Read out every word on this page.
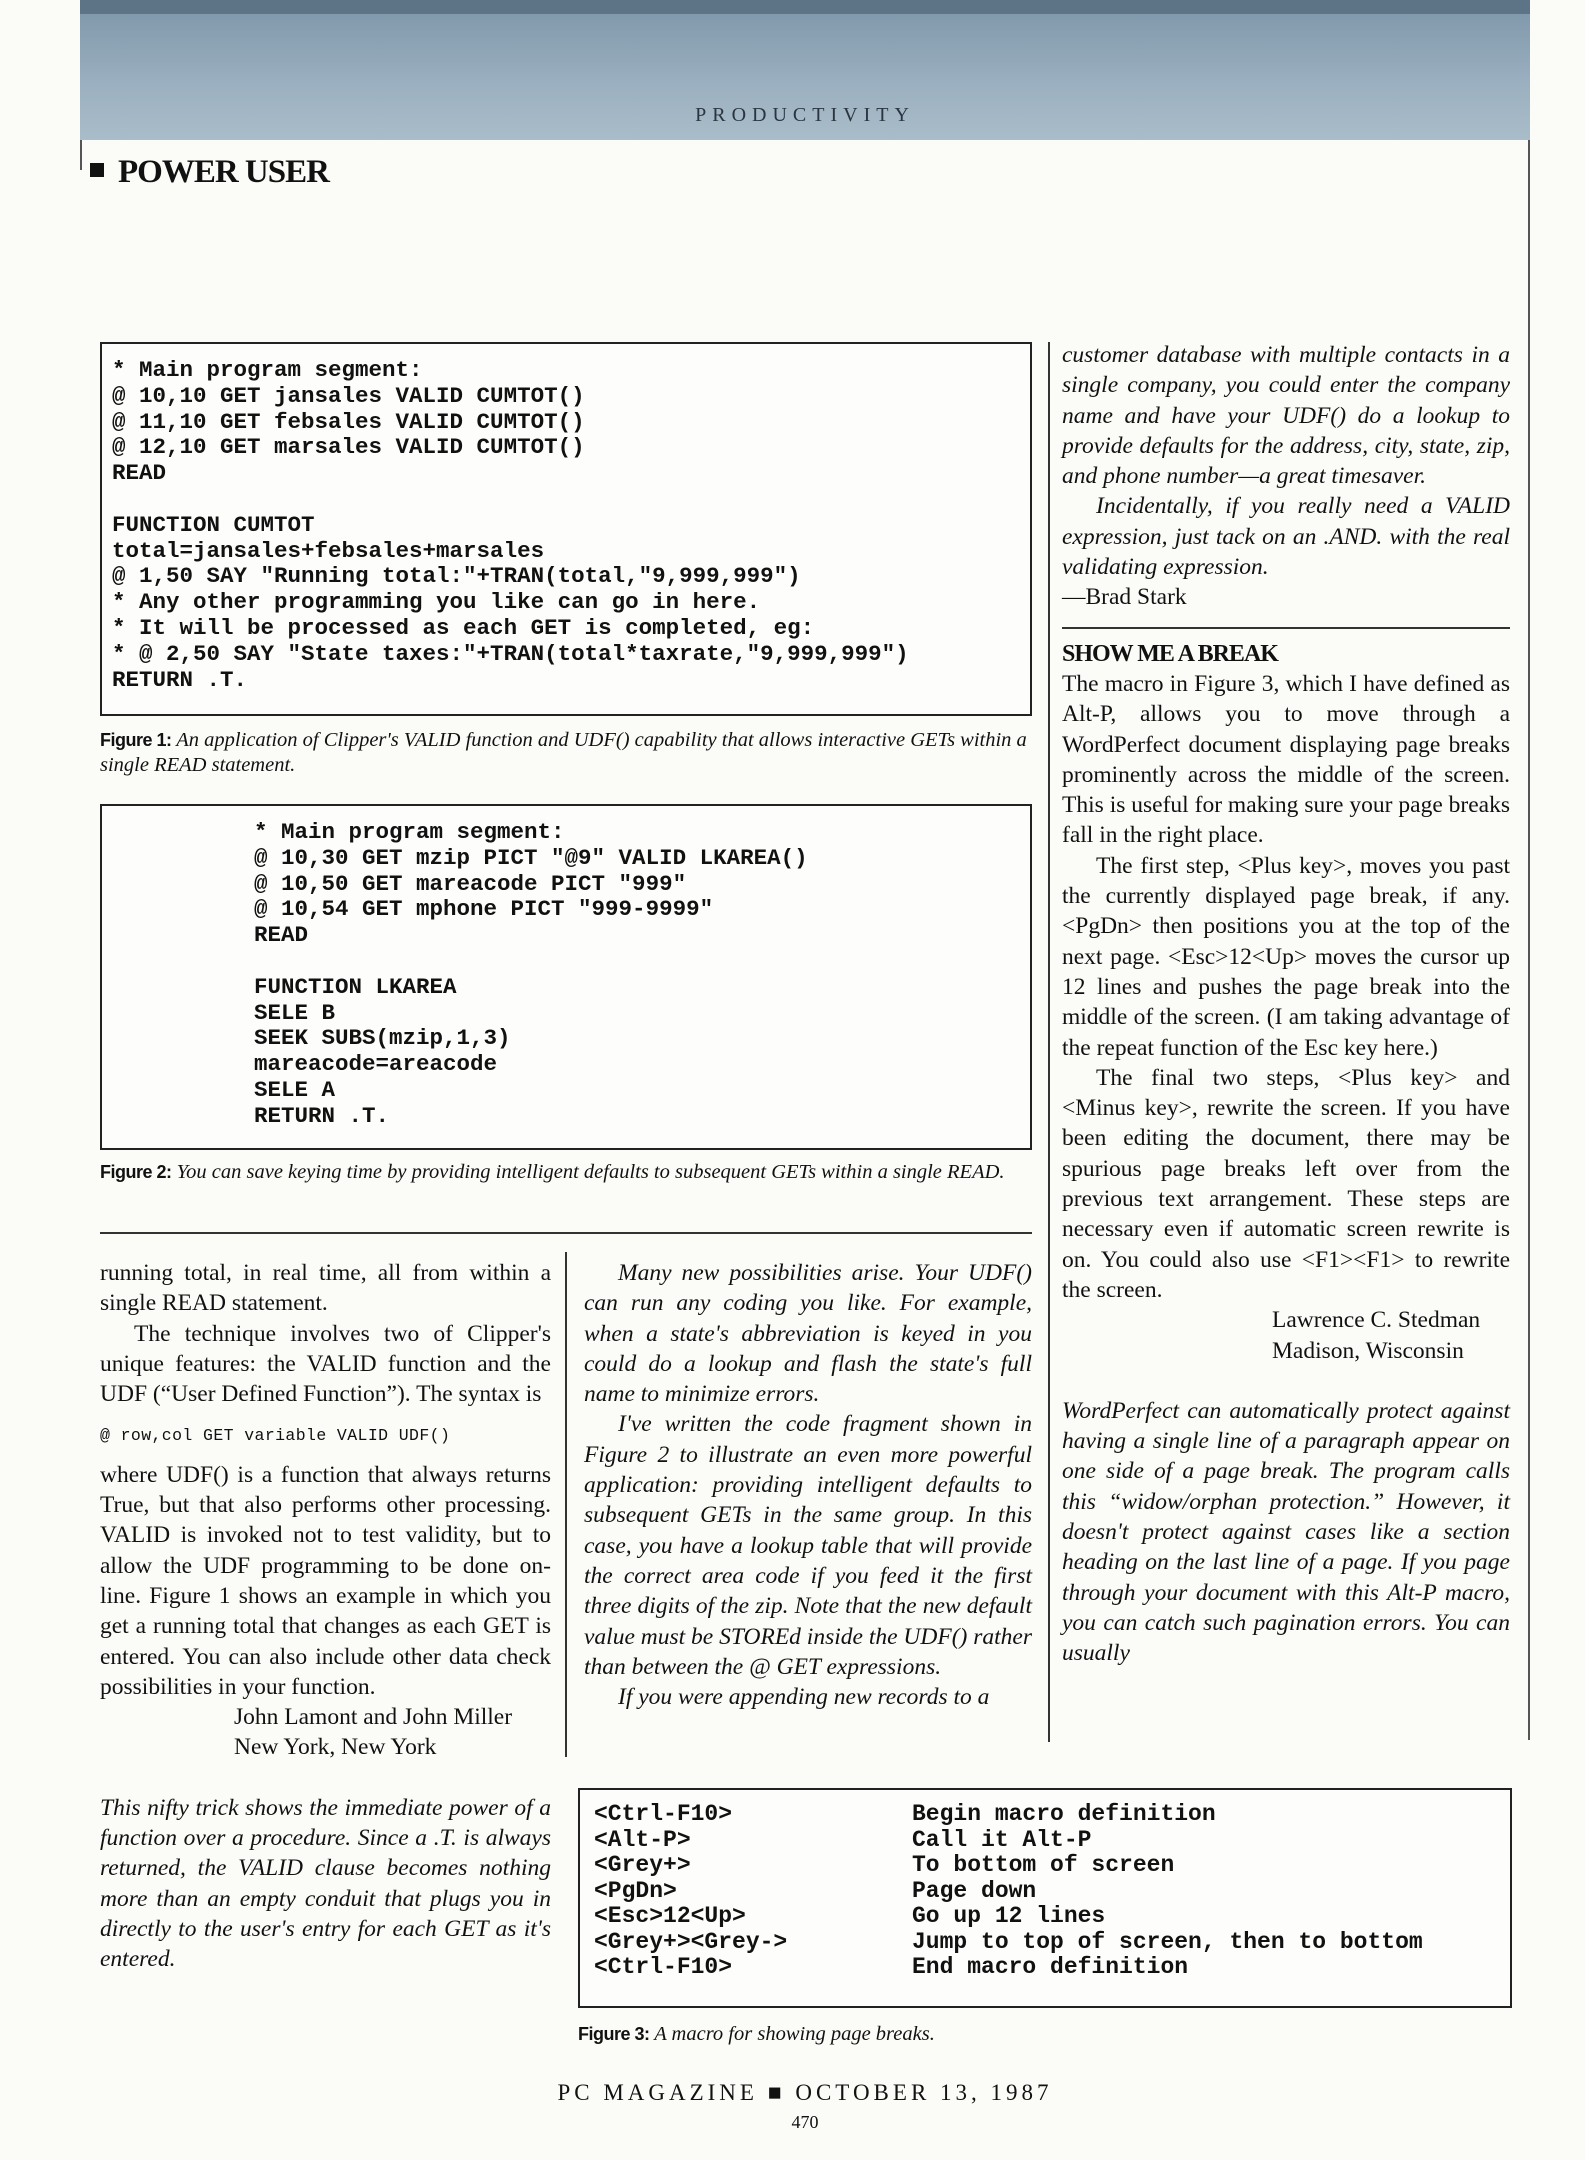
PRODUCTIVITY
POWER USER
* Main program segment:
@ 10,10 GET jansales VALID CUMTOT()
@ 11,10 GET febsales VALID CUMTOT()
@ 12,10 GET marsales VALID CUMTOT()
READ

FUNCTION CUMTOT
total=jansales+febsales+marsales
@ 1,50 SAY "Running total:"+TRAN(total,"9,999,999")
* Any other programming you like can go in here.
* It will be processed as each GET is completed, eg:
* @ 2,50 SAY "State taxes:"+TRAN(total*taxrate,"9,999,999")
RETURN .T.
Figure 1: An application of Clipper's VALID function and UDF() capability that allows interactive GETs within a single READ statement.
* Main program segment:
@ 10,30 GET mzip PICT "@9" VALID LKAREA()
@ 10,50 GET mareacode PICT "999"
@ 10,54 GET mphone PICT "999-9999"
READ

FUNCTION LKAREA
SELE B
SEEK SUBS(mzip,1,3)
mareacode=areacode
SELE A
RETURN .T.
Figure 2: You can save keying time by providing intelligent defaults to subsequent GETs within a single READ.

running total, in real time, all from within a single READ statement.

The technique involves two of Clipper's unique features: the VALID function and the UDF (“User Defined Function”). The syntax is

@ row,col GET variable VALID UDF()

where UDF() is a function that always returns True, but that also performs other processing. VALID is invoked not to test validity, but to allow the UDF programming to be done on-line. Figure 1 shows an example in which you get a running total that changes as each GET is entered. You can also include other data check possibilities in your function.

John Lamont and John Miller

New York, New York

This nifty trick shows the immediate power of a function over a procedure. Since a .T. is always returned, the VALID clause becomes nothing more than an empty conduit that plugs you in directly to the user's entry for each GET as it's entered.

Many new possibilities arise. Your UDF() can run any coding you like. For example, when a state's abbreviation is keyed in you could do a lookup and flash the state's full name to minimize errors.

I've written the code fragment shown in Figure 2 to illustrate an even more powerful application: providing intelligent defaults to subsequent GETs in the same group. In this case, you have a lookup table that will provide the correct area code if you feed it the first three digits of the zip. Note that the new default value must be STOREd inside the UDF() rather than between the @ GET expressions.

If you were appending new records to a

customer database with multiple contacts in a single company, you could enter the company name and have your UDF() do a lookup to provide defaults for the address, city, state, zip, and phone number—a great timesaver.

Incidentally, if you really need a VALID expression, just tack on an .AND. with the real validating expression.

—Brad Stark

SHOW ME A BREAK

The macro in Figure 3, which I have defined as Alt-P, allows you to move through a WordPerfect document displaying page breaks prominently across the middle of the screen. This is useful for making sure your page breaks fall in the right place.

The first step, <Plus key>, moves you past the currently displayed page break, if any. <PgDn> then positions you at the top of the next page. <Esc>12<Up> moves the cursor up 12 lines and pushes the page break into the middle of the screen. (I am taking advantage of the repeat function of the Esc key here.)

The final two steps, <Plus key> and <Minus key>, rewrite the screen. If you have been editing the document, there may be spurious page breaks left over from the previous text arrangement. These steps are necessary even if automatic screen rewrite is on. You could also use <F1><F1> to rewrite the screen.

Lawrence C. Stedman

Madison, Wisconsin

WordPerfect can automatically protect against having a single line of a paragraph appear on one side of a page break. The program calls this “widow/orphan protection.” However, it doesn't protect against cases like a section heading on the last line of a page. If you page through your document with this Alt-P macro, you can catch such pagination errors. You can usually

<Ctrl-F10>
<Alt-P>
<Grey+>
<PgDn>
<Esc>12<Up>
<Grey+><Grey->
<Ctrl-F10>
Begin macro definition
Call it Alt-P
To bottom of screen
Page down
Go up 12 lines
Jump to top of screen, then to bottom
End macro definition
Figure 3: A macro for showing page breaks.
PC MAGAZINE ■ OCTOBER 13, 1987
470
